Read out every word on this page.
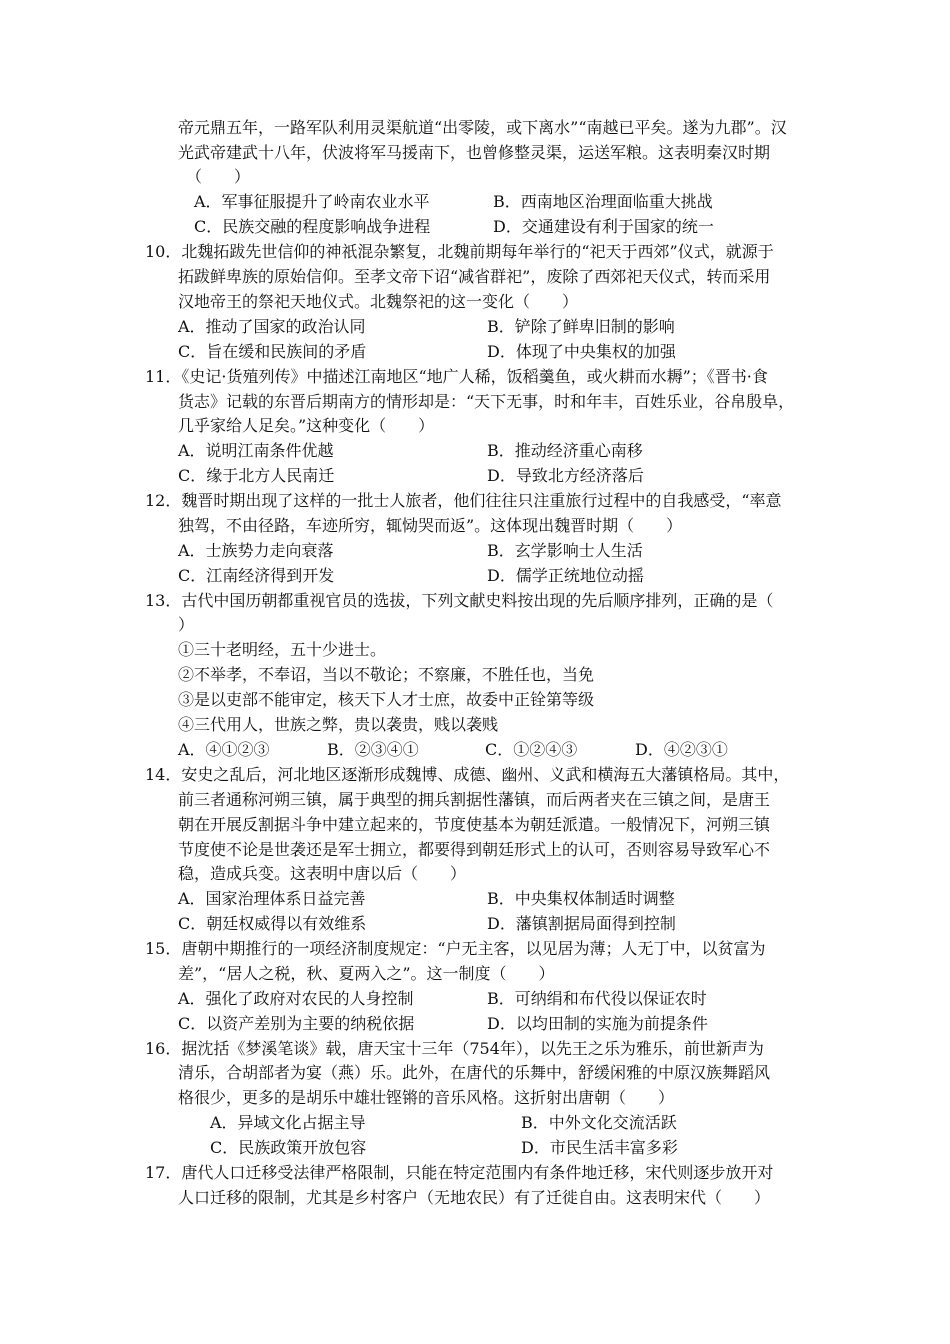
帝元鼎五年，一路军队利用灵渠航道“出零陵，或下离水”“南越已平矣。遂为九郡”。汉
光武帝建武十八年，伏波将军马援南下，也曾修整灵渠，运送军粮。这表明秦汉时期
（　　）
A．军事征服提升了岭南农业水平	B．西南地区治理面临重大挑战
C．民族交融的程度影响战争进程	D．交通建设有利于国家的统一
10．北魏拓跋先世信仰的神祇混杂繁复，北魏前期每年举行的“祀天于西郊”仪式，就源于
拓跋鲜卑族的原始信仰。至孝文帝下诏“减省群祀”，废除了西郊祀天仪式，转而采用
汉地帝王的祭祀天地仪式。北魏祭祀的这一变化（　　）
A．推动了国家的政治认同	B．铲除了鲜卑旧制的影响
C．旨在缓和民族间的矛盾	D．体现了中央集权的加强
11．《史记·货殖列传》中描述江南地区“地广人稀，饭稻羹鱼，或火耕而水耨”；《晋书·食
货志》记载的东晋后期南方的情形却是：“天下无事，时和年丰，百姓乐业，谷帛殷阜，
几乎家给人足矣。”这种变化（　　）
A．说明江南条件优越	B．推动经济重心南移
C．缘于北方人民南迁	D．导致北方经济落后
12．魏晋时期出现了这样的一批士人旅者，他们往往只注重旅行过程中的自我感受，“率意
独驾，不由径路，车迹所穷，辄恸哭而返”。这体现出魏晋时期（　　）
A．士族势力走向衰落	B．玄学影响士人生活
C．江南经济得到开发	D．儒学正统地位动摇
13．古代中国历朝都重视官员的选拔，下列文献史料按出现的先后顺序排列，正确的是（
）
①三十老明经，五十少进士。
②不举孝，不奉诏，当以不敬论；不察廉，不胜任也，当免
③是以吏部不能审定，核天下人才士庶，故委中正铨第等级
④三代用人，世族之弊，贵以袭贵，贱以袭贱
A．④①②③	B．②③④①	C．①②④③	D．④②③①
14．安史之乱后，河北地区逐渐形成魏博、成德、幽州、义武和横海五大藩镇格局。其中，
前三者通称河朔三镇，属于典型的拥兵割据性藩镇，而后两者夹在三镇之间，是唐王
朝在开展反割据斗争中建立起来的，节度使基本为朝廷派遣。一般情况下，河朔三镇
节度使不论是世袭还是军士拥立，都要得到朝廷形式上的认可，否则容易导致军心不
稳，造成兵变。这表明中唐以后（　　）
A．国家治理体系日益完善	B．中央集权体制适时调整
C．朝廷权威得以有效维系	D．藩镇割据局面得到控制
15．唐朝中期推行的一项经济制度规定：“户无主客，以见居为薄；人无丁中，以贫富为
差”，“居人之税，秋、夏两入之”。这一制度（　　）
A．强化了政府对农民的人身控制	B．可纳绢和布代役以保证农时
C．以资产差别为主要的纳税依据	D．以均田制的实施为前提条件
16．据沈括《梦溪笔谈》载，唐天宝十三年（754年），以先王之乐为雅乐，前世新声为
清乐，合胡部者为宴（燕）乐。此外，在唐代的乐舞中，舒缓闲雅的中原汉族舞蹈风
格很少，更多的是胡乐中雄壮铿锵的音乐风格。这折射出唐朝（　　）
A．异域文化占据主导	B．中外文化交流活跃
C．民族政策开放包容	D．市民生活丰富多彩
17．唐代人口迁移受法律严格限制，只能在特定范围内有条件地迁移，宋代则逐步放开对
人口迁移的限制，尤其是乡村客户（无地农民）有了迁徙自由。这表明宋代（　　）
